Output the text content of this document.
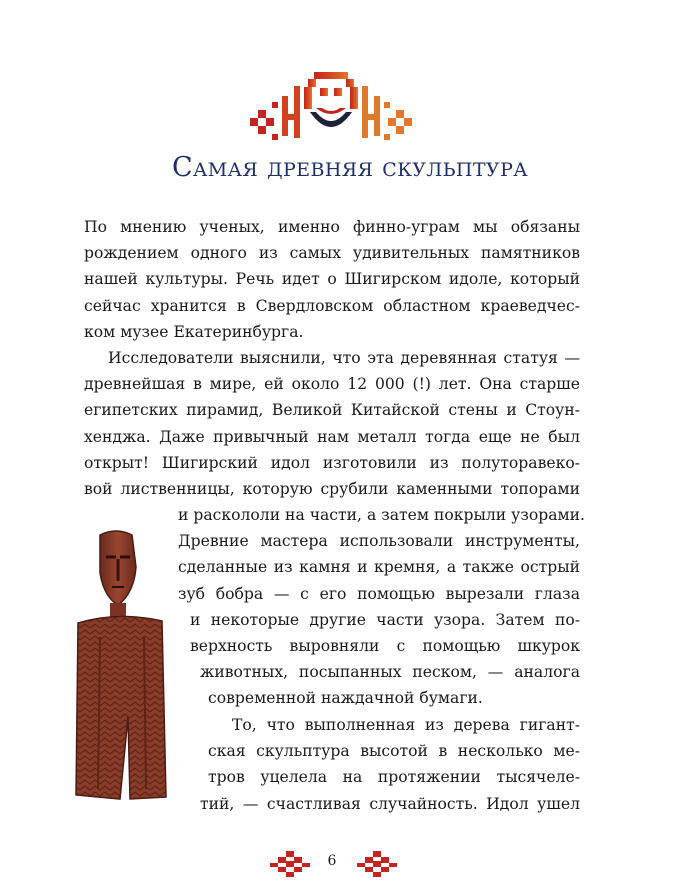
Самая древняя скульптура
По мнению ученых, именно финно-уграм мы обязаны
рождением одного из самых удивительных памятников
нашей культуры. Речь идет о Шигирском идоле, который
сейчас хранится в Свердловском областном краеведчес-
ком музее Екатеринбурга.
Исследователи выяснили, что эта деревянная статуя —
древнейшая в мире, ей около 12 000 (!) лет. Она старше
египетских пирамид, Великой Китайской стены и Стоун-
хенджа. Даже привычный нам металл тогда еще не был
открыт! Шигирский идол изготовили из полуторавеко-
вой лиственницы, которую срубили каменными топорами
и раскололи на части, а затем покрыли узорами.
Древние мастера использовали инструменты,
сделанные из камня и кремня, а также острый
зуб бобра — с его помощью вырезали глаза
и некоторые другие части узора. Затем по-
верхность выровняли с помощью шкурок
животных, посыпанных песком, — аналога
современной наждачной бумаги.
То, что выполненная из дерева гигант-
ская скульптура высотой в несколько ме-
тров уцелела на протяжении тысячеле-
тий, — счастливая случайность. Идол ушел
6
